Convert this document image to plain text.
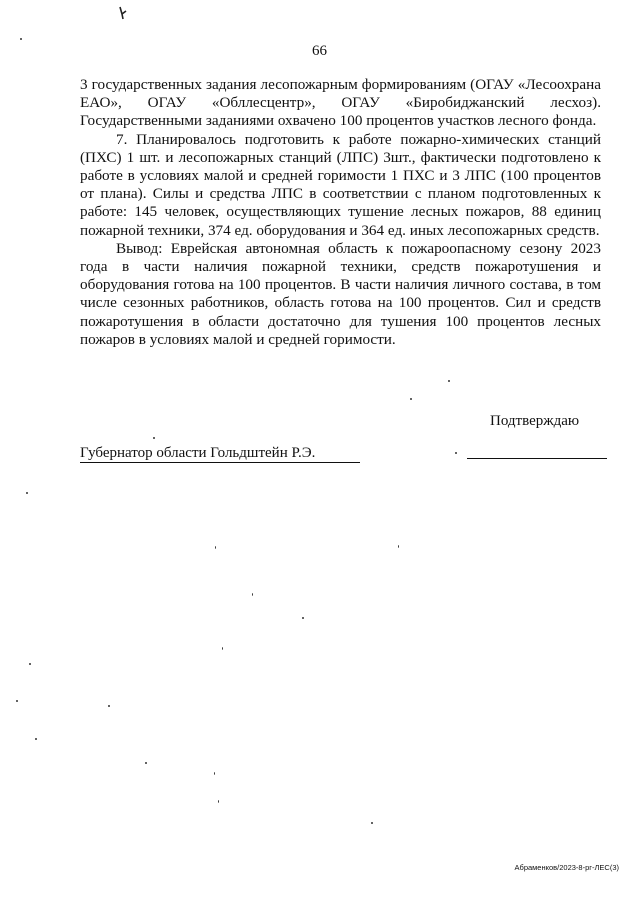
66

3 государственных задания лесопожарным формированиям (ОГАУ «Лесоохрана ЕАО», ОГАУ «Обллесцентр», ОГАУ «Биробиджанский лесхоз). Государственными заданиями охвачено 100 процентов участков лесного фонда.

7. Планировалось подготовить к работе пожарно-химических станций (ПХС) 1 шт. и лесопожарных станций (ЛПС) 3шт., фактически подготовлено к работе в условиях малой и средней горимости 1 ПХС и 3 ЛПС (100 процентов от плана). Силы и средства ЛПС в соответствии с планом подготовленных к работе: 145 человек, осуществляющих тушение лесных пожаров, 88 единиц пожарной техники, 374 ед. оборудования и 364 ед. иных лесопожарных средств.

Вывод: Еврейская автономная область к пожароопасному сезону 2023 года в части наличия пожарной техники, средств пожаротушения и оборудования готова на 100 процентов. В части наличия личного состава, в том числе сезонных работников, область готова на 100 процентов. Сил и средств пожаротушения в области достаточно для тушения 100 процентов лесных пожаров в условиях малой и средней горимости.

Подтверждаю
Губернатор области Гольдштейн Р.Э.
Абраменков/2023-8-рг-ЛЕС(3)
